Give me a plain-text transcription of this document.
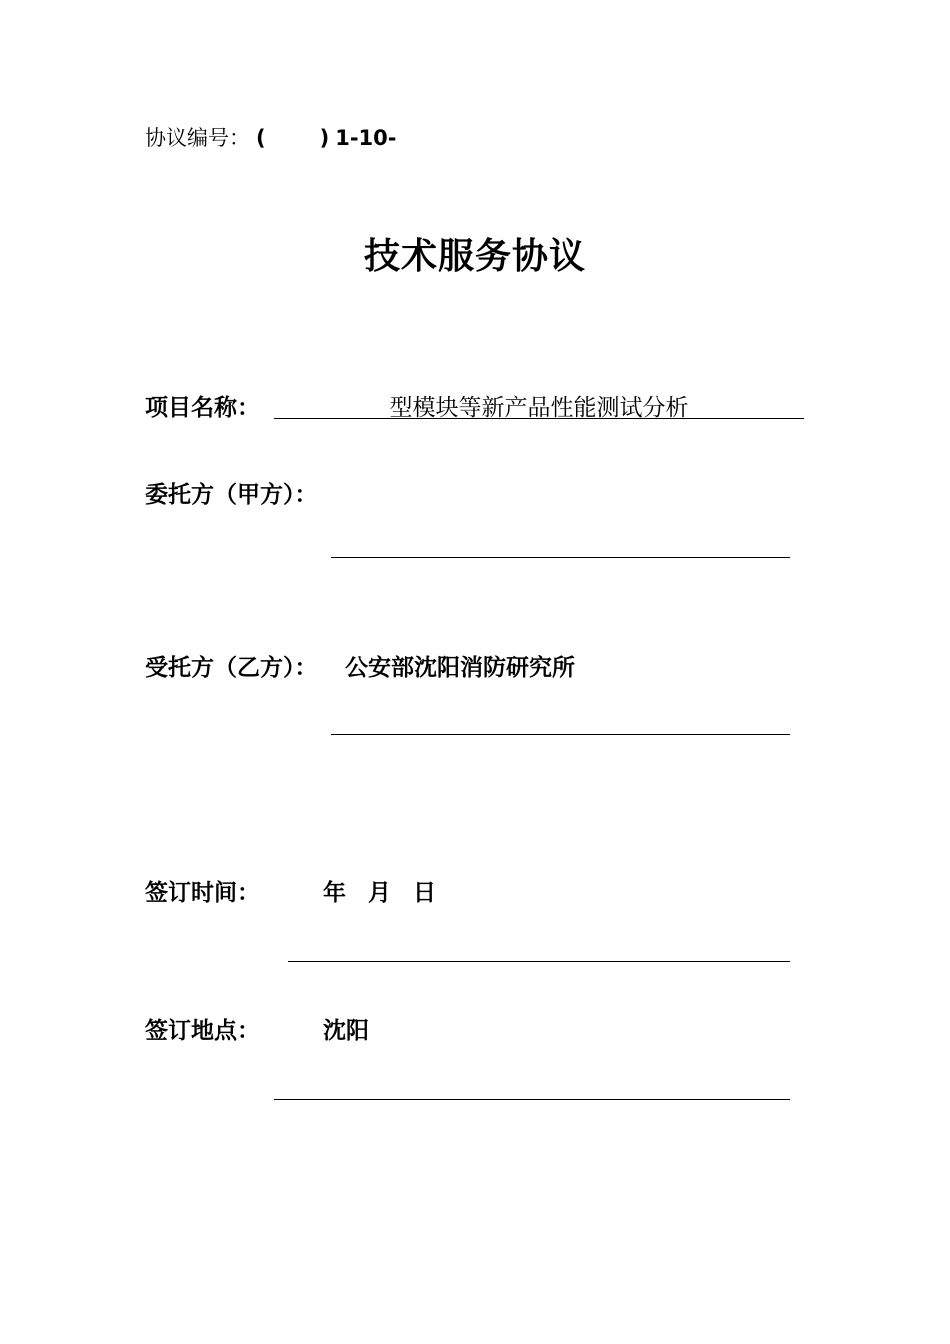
协议编号： (	) 1-10-
技术服务协议
项目名称：	型模块等新产品性能测试分析
委托方（甲方）：
受托方（乙方）： 公安部沈阳消防研究所
签订时间：	年 月 日
签订地点：	沈阳
